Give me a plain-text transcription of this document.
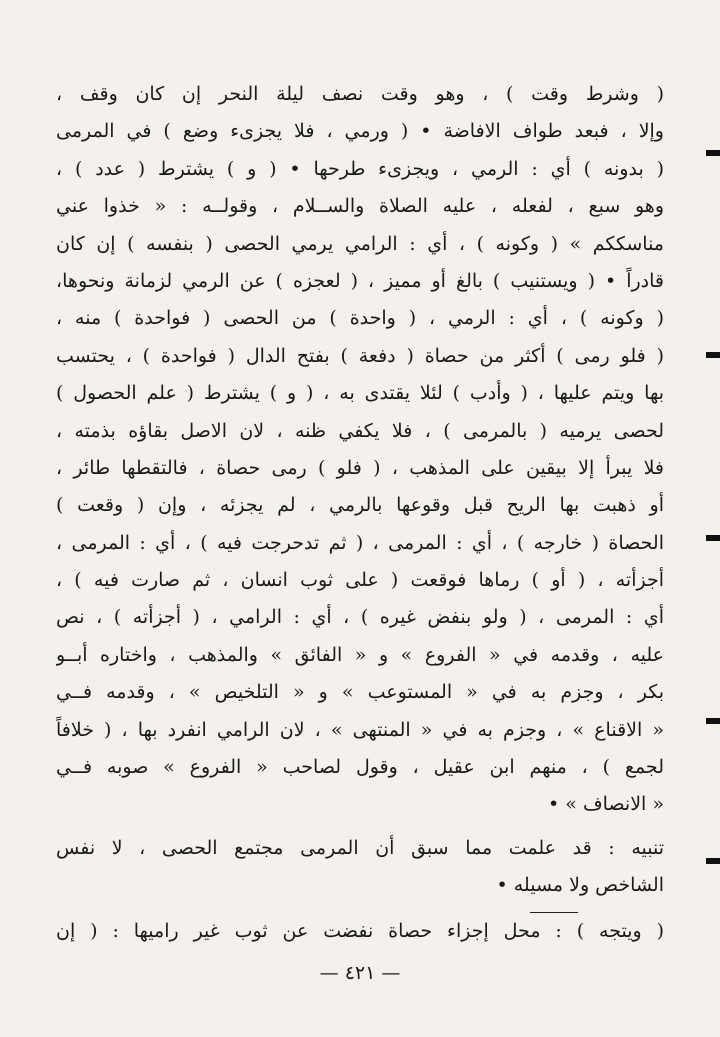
( وشرط وقت ) ، وهو وقت نصف ليلة النحر إن كان وقف ،
وإلا ، فبعد طواف الافاضة • ( ورمي ، فلا يجزىء وضع ) في المرمى
( بدونه ) أي : الرمي ، ويجزىء طرحها • ( و ) يشترط ( عدد ) ،
وهو سبع ، لفعله ، عليه الصلاة والســلام ، وقولــه : « خذوا عني
مناسككم » ( وكونه ) ، أي : الرامي يرمي الحصى ( بنفسه ) إن كان
قادراً • ( ويستنيب ) بالغ أو مميز ، ( لعجزه ) عن الرمي لزمانة ونحوها،
( وكونه ) ، أي : الرمي ، ( واحدة ) من الحصى ( فواحدة ) منه ،
( فلو رمى ) أكثر من حصاة ( دفعة ) بفتح الدال ( فواحدة ) ، يحتسب
بها ويتم عليها ، ( وأدب ) لئلا يقتدى به ، ( و ) يشترط ( علم الحصول )
لحصى يرميه ( بالمرمى ) ، فلا يكفي ظنه ، لان الاصل بقاؤه بذمته ،
فلا يبرأ إلا بيقين على المذهب ، ( فلو ) رمى حصاة ، فالتقطها طائر ،
أو ذهبت بها الريح قبل وقوعها بالرمي ، لم يجزئه ، وإن ( وقعت )
الحصاة ( خارجه ) ، أي : المرمى ، ( ثم تدحرجت فيه ) ، أي : المرمى ،
أجزأته ، ( أو ) رماها فوقعت ( على ثوب انسان ، ثم صارت فيه ) ،
أي : المرمى ، ( ولو بنفض غيره ) ، أي : الرامي ، ( أجزأته ) ، نص
عليه ، وقدمه في « الفروع » و « الفائق » والمذهب ، واختاره أبــو
بكر ، وجزم به في « المستوعب » و « التلخيص » ، وقدمه فــي
« الاقناع » ، وجزم به في « المنتهى » ، لان الرامي انفرد بها ، ( خلافاً
لجمع ) ، منهم ابن عقيل ، وقول لصاحب « الفروع » صوبه فــي
« الانصاف » •
تنبيه : قد علمت مما سبق أن المرمى مجتمع الحصى ، لا نفس
الشاخص ولا مسيله •
( ويتجه ) : محل إجزاء حصاة نفضت عن ثوب غير راميها : ( إن
— ٤٢١ —
